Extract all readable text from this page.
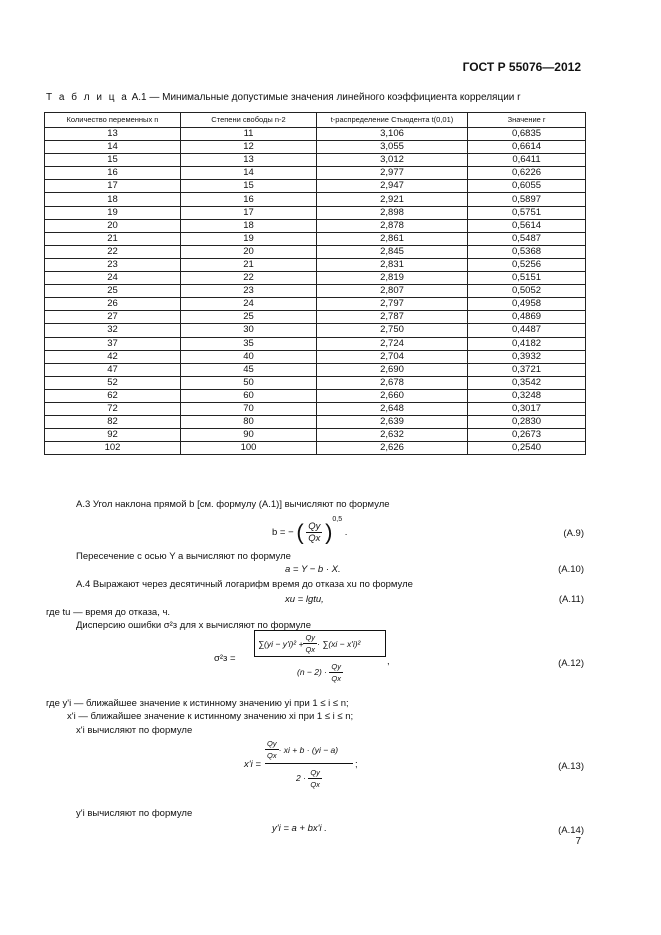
ГОСТ Р 55076—2012
Т а б л и ц а А.1 — Минимальные допустимые значения линейного коэффициента корреляции r
Количество переменных n	Степени свободы n-2	t-распределение Стьюдента t(0,01)	Значение r
13	11	3,106	0,6835
14	12	3,055	0,6614
15	13	3,012	0,6411
16	14	2,977	0,6226
17	15	2,947	0,6055
18	16	2,921	0,5897
19	17	2,898	0,5751
20	18	2,878	0,5614
21	19	2,861	0,5487
22	20	2,845	0,5368
23	21	2,831	0,5256
24	22	2,819	0,5151
25	23	2,807	0,5052
26	24	2,797	0,4958
27	25	2,787	0,4869
32	30	2,750	0,4487
37	35	2,724	0,4182
42	40	2,704	0,3932
47	45	2,690	0,3721
52	50	2,678	0,3542
62	60	2,660	0,3248
72	70	2,648	0,3017
82	80	2,639	0,2830
92	90	2,632	0,2673
102	100	2,626	0,2540
А.3 Угол наклона прямой b [см. формулу (А.1)] вычисляют по формуле
b = − ( $\frac{Qy}{Qx} )^{0,5}$ .	(А.9)
Пересечение с осью Y a вычисляют по формуле
a = Y − b · X.	(А.10)
А.4 Выражают через десятичный логарифм время до отказа xu по формуле
xu = lgtu,	(А.11)
где tu — время до отказа, ч.
Дисперсию ошибки σ²з для x вычисляют по формуле
σ²з =
$\sum(yi - y'i)^2 + \frac{Qy}{Qx} \cdot \sum(xi - x'i)^2$
$(n - 2) \cdot \frac{Qy}{Qx}$	,	(А.12)
где y'i — ближайшее значение к истинному значению yi при 1 ≤ i ≤ n;
x'i — ближайшее значение к истинному значению xi при 1 ≤ i ≤ n;
x'i вычисляют по формуле
$x'i = \frac{\frac{Qy}{Qx} \cdot xi + b \cdot (yi - a)}{2 \cdot \frac{Qy}{Qx}}$ ;	(А.13)
y'i вычисляют по формуле
y'i = a + bx'i .	(А.14)
7
